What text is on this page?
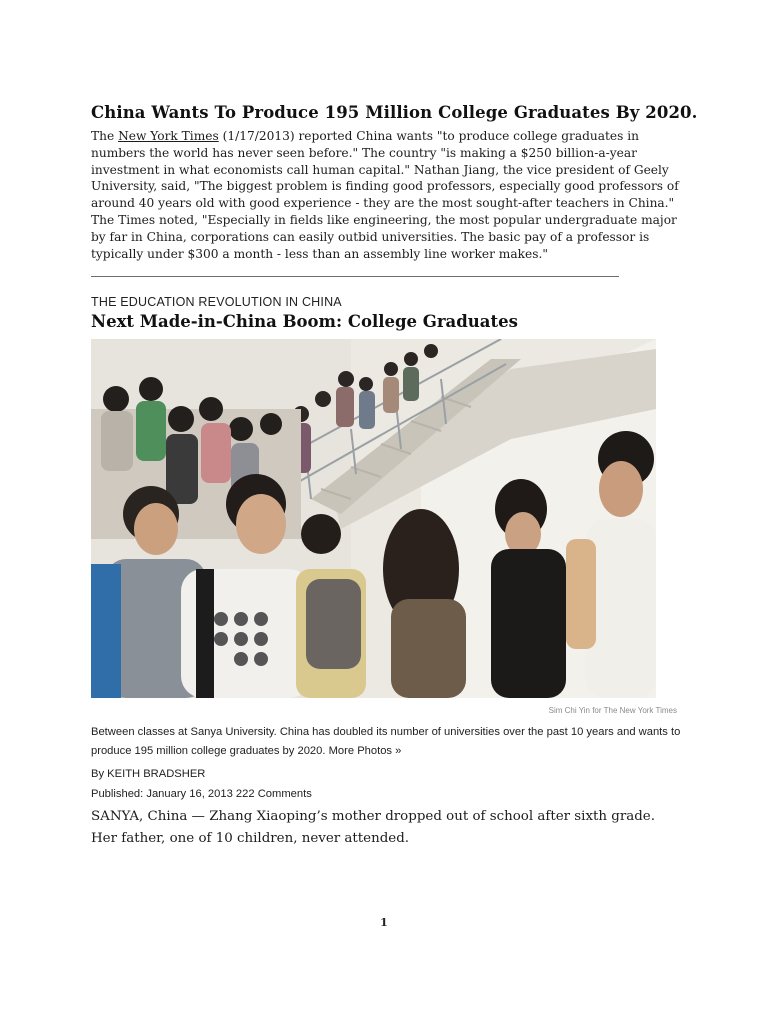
China Wants To Produce 195 Million College Graduates By 2020.

The New York Times (1/17/2013) reported China wants "to produce college graduates in numbers the world has never seen before." The country "is making a $250 billion-a-year investment in what economists call human capital." Nathan Jiang, the vice president of Geely University, said, "The biggest problem is finding good professors, especially good professors of around 40 years old with good experience - they are the most sought-after teachers in China." The Times noted, "Especially in fields like engineering, the most popular undergraduate major by far in China, corporations can easily outbid universities. The basic pay of a professor is typically under $300 a month - less than an assembly line worker makes."

THE EDUCATION REVOLUTION IN CHINA
Next Made-in-China Boom: College Graduates
Sim Chi Yin for The New York Times

Between classes at Sanya University. China has doubled its number of universities over the past 10 years and wants to produce 195 million college graduates by 2020. More Photos »

By KEITH BRADSHER
Published: January 16, 2013 222 Comments

SANYA, China — Zhang Xiaoping’s mother dropped out of school after sixth grade. Her father, one of 10 children, never attended.

1
